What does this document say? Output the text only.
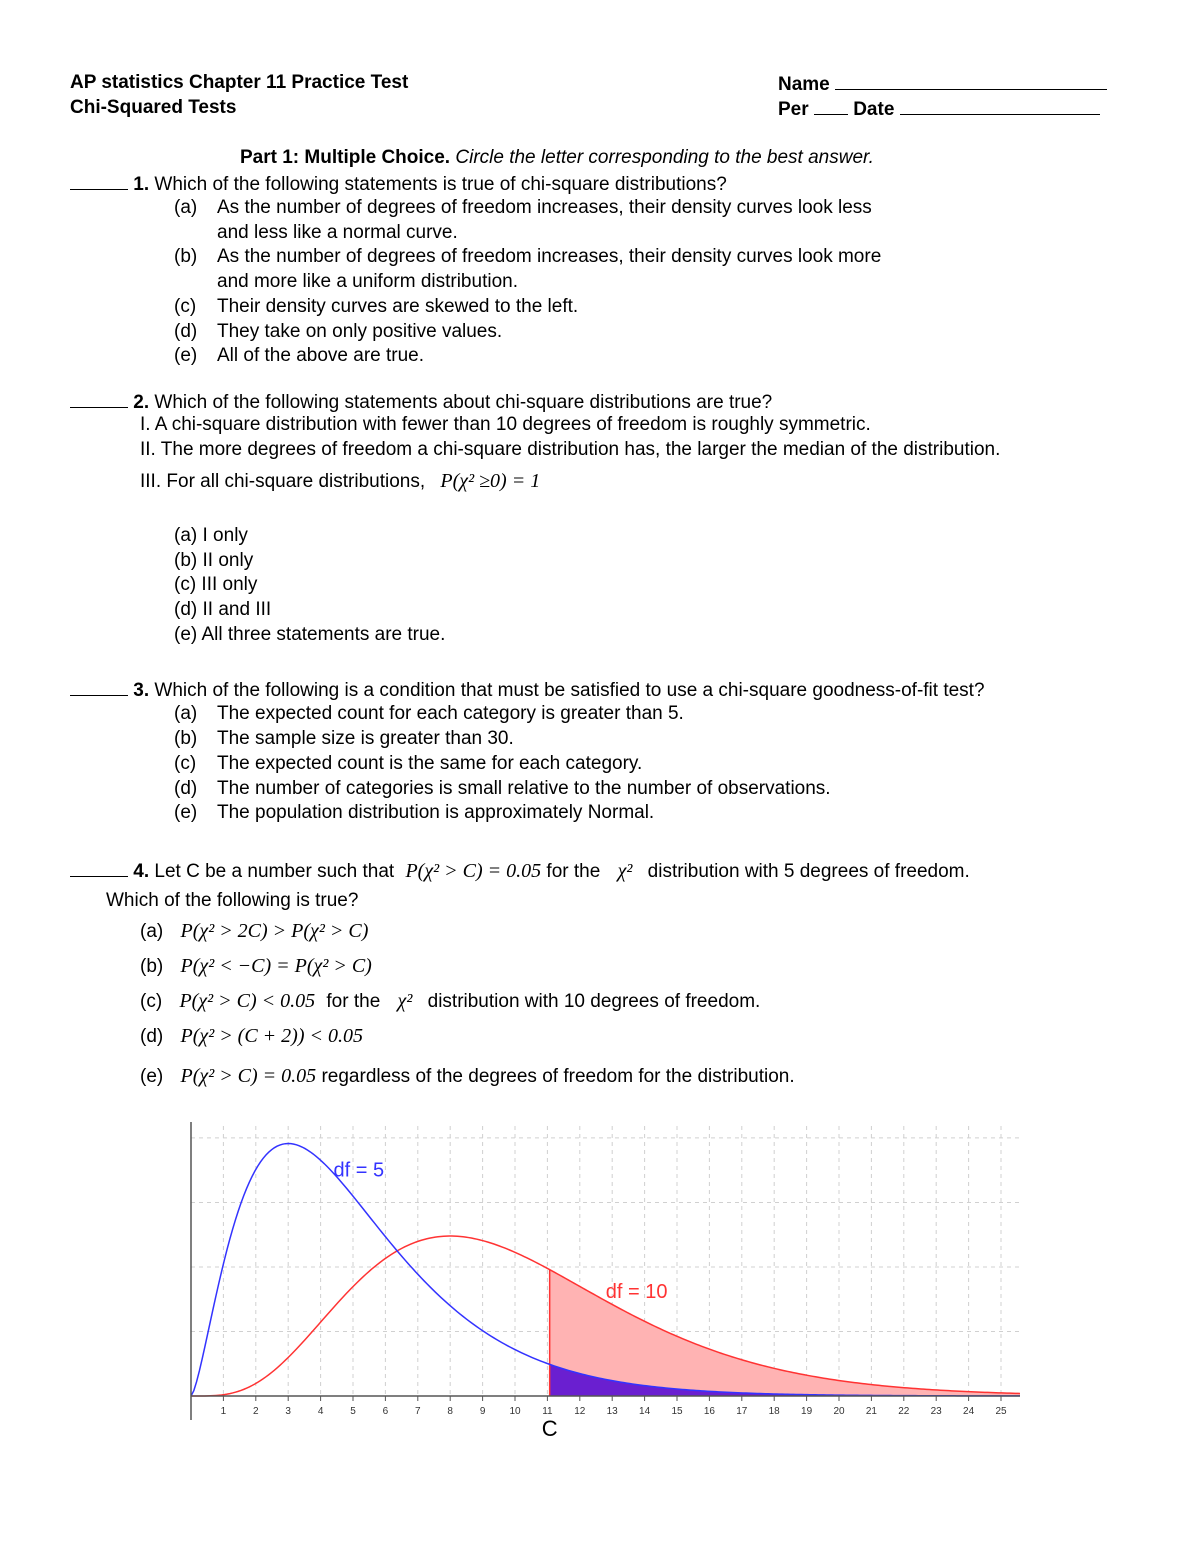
AP statistics Chapter 11 Practice Test
Chi-Squared Tests
Name
Per Date
Part 1: Multiple Choice. Circle the letter corresponding to the best answer.
1. Which of the following statements is true of chi-square distributions?
(a) As the number of degrees of freedom increases, their density curves look less
and less like a normal curve.
(b) As the number of degrees of freedom increases, their density curves look more
and more like a uniform distribution.
(c) Their density curves are skewed to the left.
(d) They take on only positive values.
(e) All of the above are true.
2. Which of the following statements about chi-square distributions are true?
I. A chi-square distribution with fewer than 10 degrees of freedom is roughly symmetric.
II. The more degrees of freedom a chi-square distribution has, the larger the median of the distribution.
III. For all chi-square distributions, P(χ² ≥0) = 1
(a) I only
(b) II only
(c) III only
(d) II and III
(e) All three statements are true.
3. Which of the following is a condition that must be satisfied to use a chi-square goodness-of-fit test?
(a) The expected count for each category is greater than 5.
(b) The sample size is greater than 30.
(c) The expected count is the same for each category.
(d) The number of categories is small relative to the number of observations.
(e) The population distribution is approximately Normal.
4. Let C be a number such that P(χ² > C) = 0.05 for the χ² distribution with 5 degrees of freedom.
Which of the following is true?
(a) P(χ² > 2C) > P(χ² > C)
(b) P(χ² < −C) = P(χ² > C)
(c) P(χ² > C) < 0.05 for the χ² distribution with 10 degrees of freedom.
(d) P(χ² > (C + 2)) < 0.05
(e) P(χ² > C) = 0.05 regardless of the degrees of freedom for the distribution.
1	2	3	4	5	6	7	8	9 10 11 12 13 14 15 16 17 18 19 20 21 22 23 24 25
df = 5
df = 10
C
